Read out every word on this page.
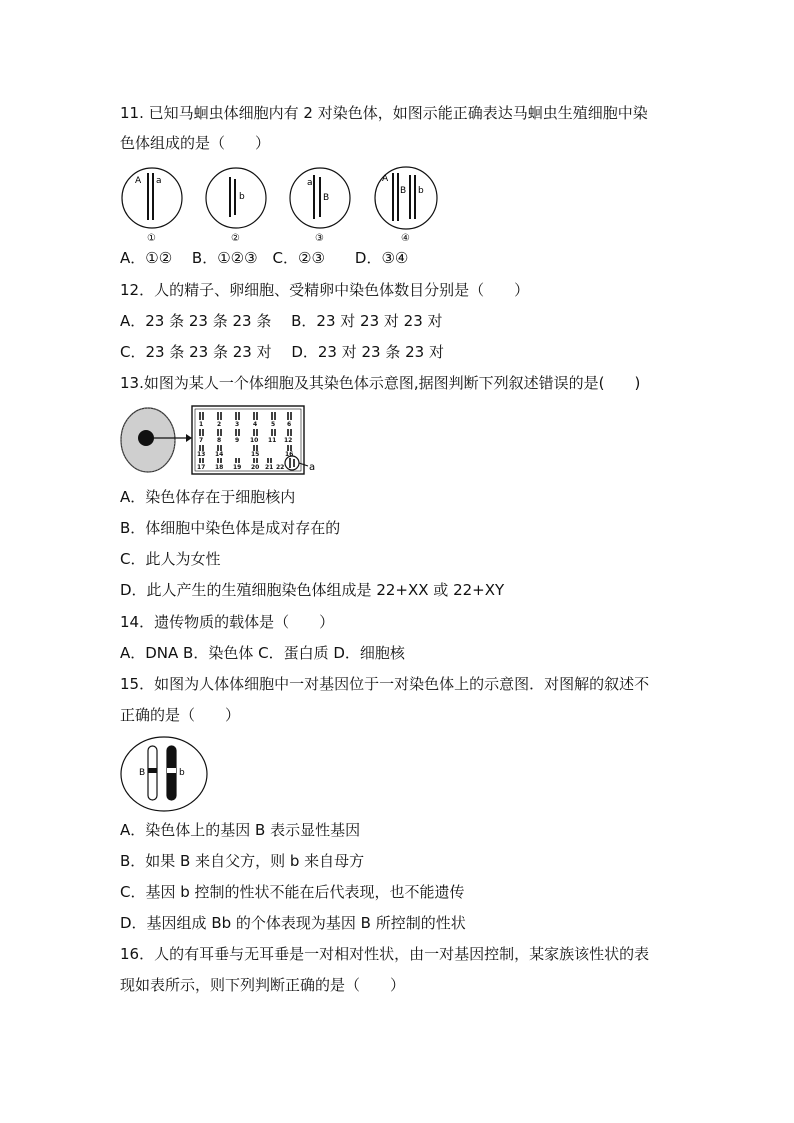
11. 已知马蛔虫体细胞内有 2 对染色体，如图示能正确表达马蛔虫生殖细胞中染
色体组成的是（　　）
A a
①
b
②
a
B
③
A
B b
④
A．①②　 B．①②③　C．②③　　D．③④
12．人的精子、卵细胞、受精卵中染色体数目分别是（　　）
A．23 条 23 条 23 条　 B．23 对 23 对 23 对
C．23 条 23 条 23 对　 D．23 对 23 条 23 对
13.如图为某人一个体细胞及其染色体示意图,据图判断下列叙述错误的是(　　)
1 2 3 4 5 6
7 8 9 10 11 12
13 14	15	16
17 18 19 20 21 22 a
A．染色体存在于细胞核内
B．体细胞中染色体是成对存在的
C．此人为女性
D．此人产生的生殖细胞染色体组成是 22+XX 或 22+XY
14．遗传物质的载体是（　　）
A．DNA B．染色体 C．蛋白质 D．细胞核
15．如图为人体体细胞中一对基因位于一对染色体上的示意图．对图解的叙述不
正确的是（　　）
B	b
A．染色体上的基因 B 表示显性基因
B．如果 B 来自父方，则 b 来自母方
C．基因 b 控制的性状不能在后代表现，也不能遗传
D．基因组成 Bb 的个体表现为基因 B 所控制的性状
16．人的有耳垂与无耳垂是一对相对性状，由一对基因控制，某家族该性状的表
现如表所示，则下列判断正确的是（　　）
